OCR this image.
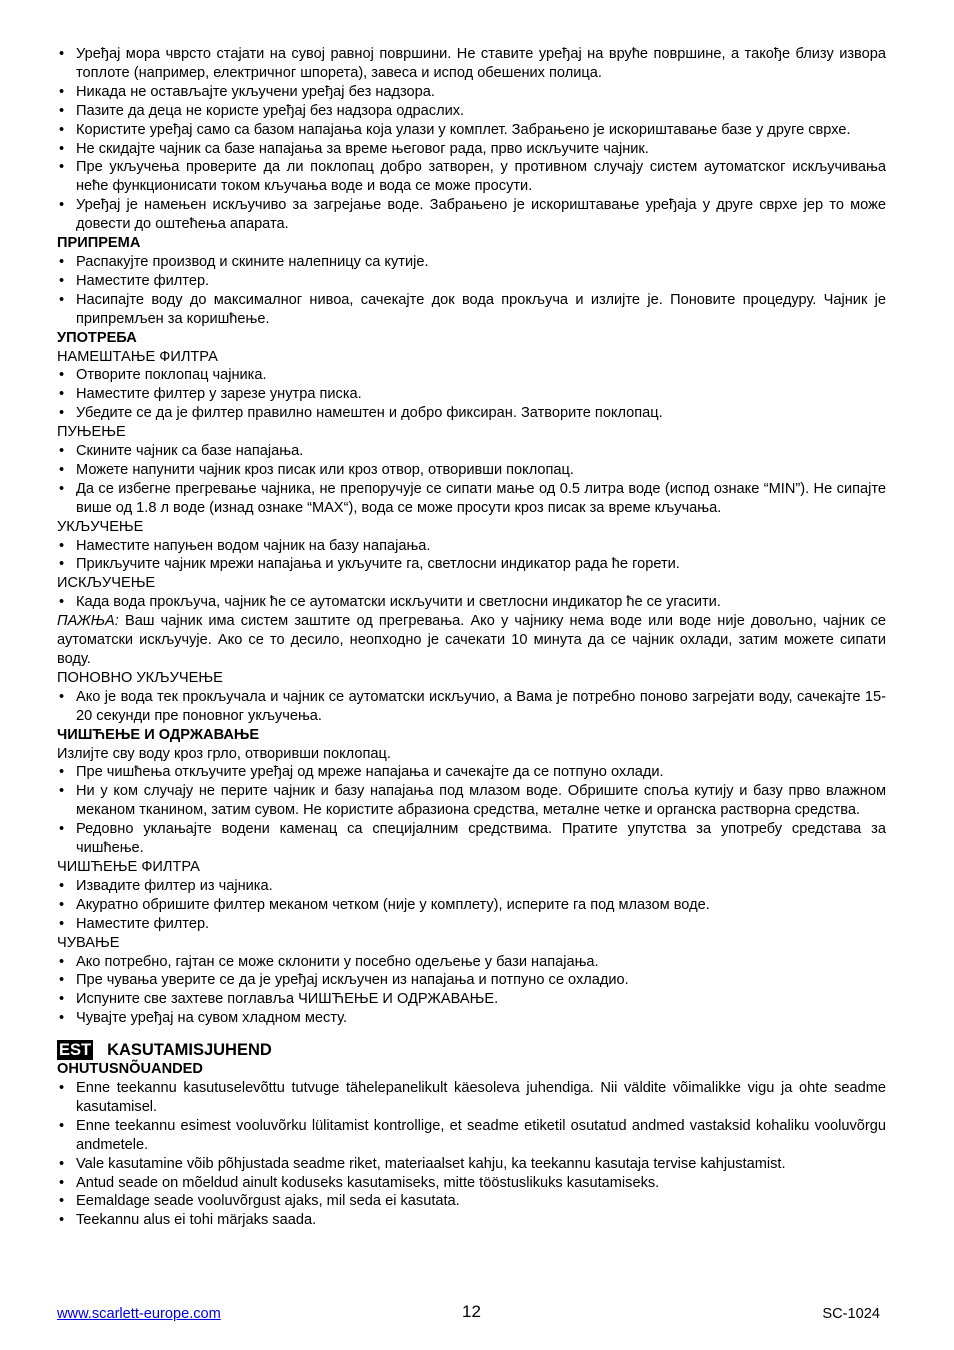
• Уређај мора чврсто стајати на сувој равној површини. Не ставите уређај на вруће површине, а такође близу извора топлоте (например, електричног шпорета), завеса и испод обешених полица.
• Никада не остављајте укључени уређај без надзора.
• Пазите да деца не користе уређај без надзора одраслих.
• Користите уређај само са базом напајања која улази у комплет. Забрањено је искориштавање базе у друге сврхе.
• Не скидајте чајник са базе напајања за време његовог рада, прво искључите чајник.
• Пре укључења проверите да ли поклопац добро затворен, у противном случају систем аутоматског искључивања неће функционисати током кључања воде и вода се може просути.
• Уређај је намењен искључиво за загрејање воде. Забрањено је искориштавање уређаја у друге сврхе јер то може довести до оштећења апарата.
ПРИПРЕМА
• Распакујте производ и скините налепницу са кутије.
• Наместите филтер.
• Насипајте воду до максималног нивоа, сачекајте док вода прокључа и излијте је. Поновите процедуру. Чајник је припремљен за коришћење.
УПОТРЕБА
НАМЕШТАЊЕ ФИЛТРА
• Отворите поклопац чајника.
• Наместите филтер у зарезе унутра писка.
• Убедите се да је филтер правилно намештен и добро фиксиран. Затворите поклопац.
ПУЊЕЊЕ
• Скините чајник са базе напајања.
• Можете напунити чајник кроз писак или кроз отвор, отворивши поклопац.
• Да се избегне прегревање чајника, не препоручује се сипати мање од 0.5 литра воде (испод ознаке “MIN”). Не сипајте више од 1.8 л воде (изнад ознаке “MAX“), вода се може просути кроз писак за време кључања.
УКЉУЧЕЊЕ
• Наместите напуњен водом чајник на базу напајања.
• Прикључите чајник мрежи напајања и укључите га, светлосни индикатор рада ће горети.
ИСКЉУЧЕЊЕ
• Када вода прокључа, чајник ће се аутоматски искључити и светлосни индикатор ће се угасити.

ПАЖЊА: Ваш чајник има систем заштите од прегревања. Ако у чајнику нема воде или воде није довољно, чајник се аутоматски искључује. Ако се то десило, неопходно је сачекати 10 минута да се чајник охлади, затим можете сипати воду.

ПОНОВНО УКЉУЧЕЊЕ
• Ако је вода тек прокључала и чајник се аутоматски искључио, а Вама је потребно поново загрејати воду, сачекајте 15-20 секунди пре поновног укључења.
ЧИШЋЕЊЕ И ОДРЖАВАЊЕ

Излијте сву воду кроз грло, отворивши поклопац.

• Пре чишћења откључите уређај од мреже напајања и сачекајте да се потпуно охлади.
• Ни у ком случају не перите чајник и базу напајања под млазом воде. Обришите споља кутију и базу прво влажном меканом тканином, затим сувом. Не користите абразиона средства, металне четке и органска растворна средства.
• Редовно уклањајте водени каменац са специјалним средствима. Пратите упутства за употребу средстава за чишћење.
ЧИШЋЕЊЕ ФИЛТРА
• Извадите филтер из чајника.
• Акуратно обришите филтер меканом четком (није у комплету), исперите га под млазом воде.
• Наместите филтер.
ЧУВАЊЕ
• Ако потребно, гајтан се може склонити у посебно одељење у бази напајања.
• Пре чувања уверите се да је уређај искључен из напајања и потпуно се охладио.
• Испуните све захтеве поглавља ЧИШЋЕЊЕ И ОДРЖАВАЊЕ.
• Чувајте уређај на сувом хладном месту.
EST KASUTAMISJUHEND
OHUTUSNÕUANDED
• Enne teekannu kasutuselevõttu tutvuge tähelepanelikult käesoleva juhendiga. Nii väldite võimalikke vigu ja ohte seadme kasutamisel.
• Enne teekannu esimest vooluvõrku lülitamist kontrollige, et seadme etiketil osutatud andmed vastaksid kohaliku vooluvõrgu andmetele.
• Vale kasutamine võib põhjustada seadme riket, materiaalset kahju, ka teekannu kasutaja tervise kahjustamist.
• Antud seade on mõeldud ainult koduseks kasutamiseks, mitte tööstuslikuks kasutamiseks.
• Eemaldage seade vooluvõrgust ajaks, mil seda ei kasutata.
• Teekannu alus ei tohi märjaks saada.
www.scarlett-europe.com	12	SC-1024
